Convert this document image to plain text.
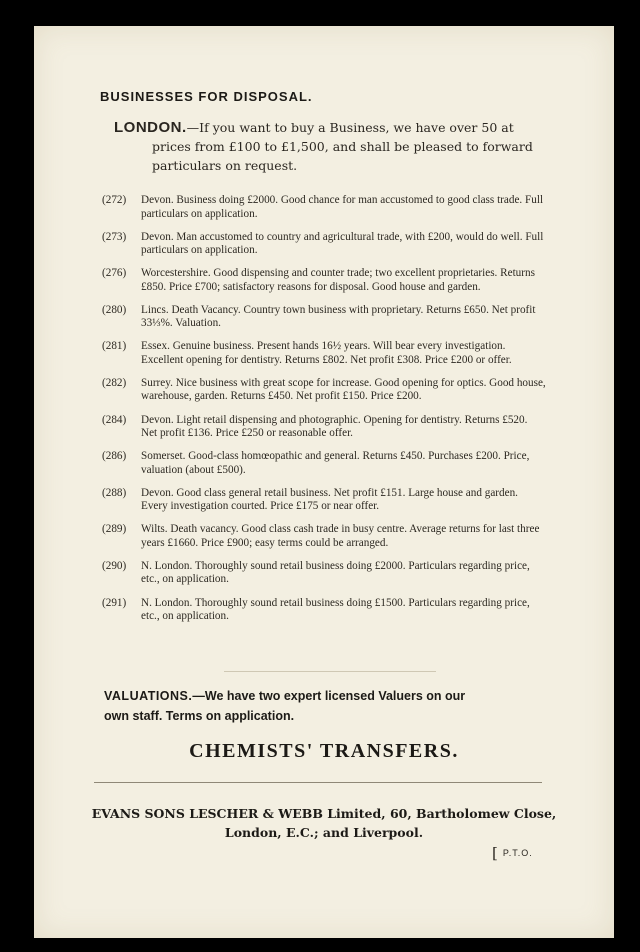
BUSINESSES FOR DISPOSAL.
LONDON.—If you want to buy a Business, we have over 50 at
prices from £100 to £1,500, and shall be pleased to forward
particulars on request.
(272) Devon. Business doing £2000. Good chance for man accustomed to good class trade. Full particulars on application.
(273) Devon. Man accustomed to country and agricultural trade, with £200, would do well. Full particulars on application.
(276) Worcestershire. Good dispensing and counter trade; two excellent proprietaries. Returns £850. Price £700; satisfactory reasons for disposal. Good house and garden.
(280) Lincs. Death Vacancy. Country town business with proprietary. Returns £650. Net profit 33⅓%. Valuation.
(281) Essex. Genuine business. Present hands 16½ years. Will bear every investigation. Excellent opening for dentistry. Returns £802. Net profit £308. Price £200 or offer.
(282) Surrey. Nice business with great scope for increase. Good opening for optics. Good house, warehouse, garden. Returns £450. Net profit £150. Price £200.
(284) Devon. Light retail dispensing and photographic. Opening for dentistry. Returns £520. Net profit £136. Price £250 or reasonable offer.
(286) Somerset. Good-class homœopathic and general. Returns £450. Purchases £200. Price, valuation (about £500).
(288) Devon. Good class general retail business. Net profit £151. Large house and garden. Every investigation courted. Price £175 or near offer.
(289) Wilts. Death vacancy. Good class cash trade in busy centre. Average returns for last three years £1660. Price £900; easy terms could be arranged.
(290) N. London. Thoroughly sound retail business doing £2000. Particulars regarding price, etc., on application.
(291) N. London. Thoroughly sound retail business doing £1500. Particulars regarding price, etc., on application.
VALUATIONS.—We have two expert licensed Valuers on our
own staff. Terms on application.
CHEMISTS' TRANSFERS.
EVANS SONS LESCHER & WEBB Limited, 60, Bartholomew Close,
London, E.C.; and Liverpool.
[ P.T.O.
